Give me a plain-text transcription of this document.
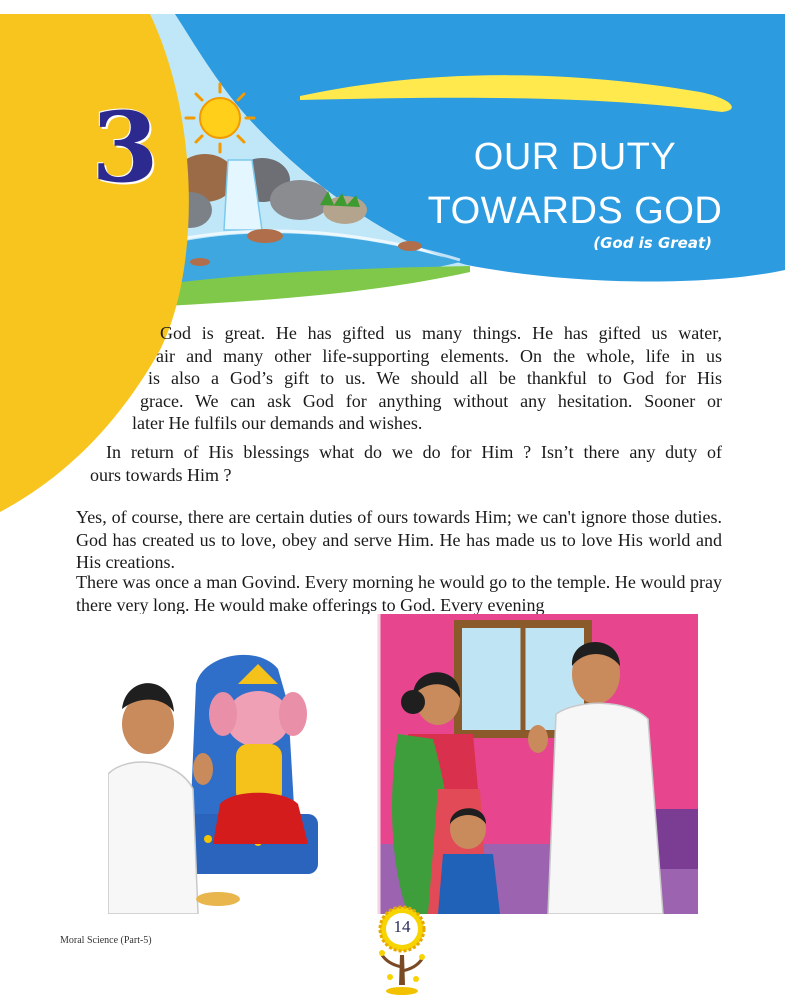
3	OUR DUTY
TOWARDS GOD
(God is Great)
God is great. He has gifted us many things. He has gifted us water,
air and many other life-supporting elements. On the whole, life in us
is also a God’s gift to us. We should all be thankful to God for His
grace. We can ask God for anything without any hesitation. Sooner or
later He fulfils our demands and wishes.
In return of His blessings what do we do for Him ? Isn’t there any duty of
ours towards Him ?
Yes, of course, there are certain duties of ours towards Him; we can't ignore those duties. God has created us to love, obey and serve Him. He has made us to love His world and His creations.
There was once a man Govind. Every morning he would go to the temple. He would pray there very long. He would make offerings to God. Every evening
Moral Science (Part-5)
14
